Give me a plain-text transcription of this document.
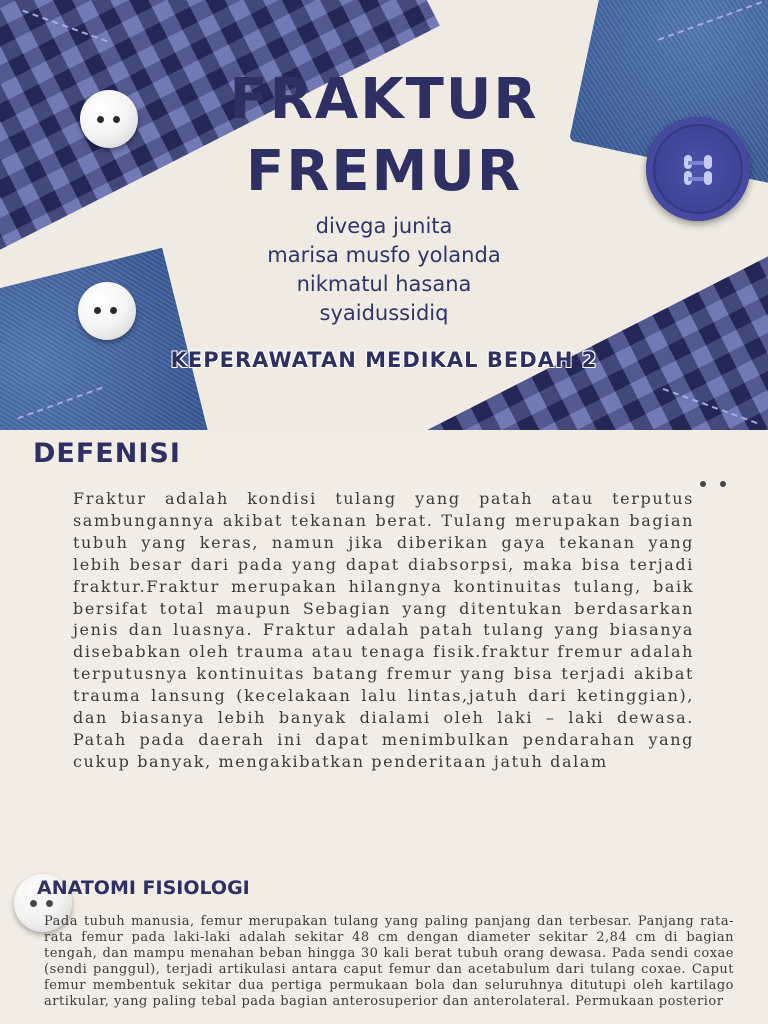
FRAKTUR
FREMUR
divega junita
marisa musfo yolanda
nikmatul hasana
syaidussidiq
KEPERAWATAN MEDIKAL BEDAH 2
DEFENISI

Fraktur adalah kondisi tulang yang patah atau terputus sambungannya akibat tekanan berat. Tulang merupakan bagian tubuh yang keras, namun jika diberikan gaya tekanan yang lebih besar dari pada yang dapat diabsorpsi, maka bisa terjadi fraktur.Fraktur merupakan hilangnya kontinuitas tulang, baik bersifat total maupun Sebagian yang ditentukan berdasarkan jenis dan luasnya. Fraktur adalah patah tulang yang biasanya disebabkan oleh trauma atau tenaga fisik.fraktur fremur adalah terputusnya kontinuitas batang fremur yang bisa terjadi akibat trauma lansung (kecelakaan lalu lintas,jatuh dari ketinggian), dan biasanya lebih banyak dialami oleh laki – laki dewasa. Patah pada daerah ini dapat menimbulkan pendarahan yang cukup banyak, mengakibatkan penderitaan jatuh dalam

ANATOMI FISIOLOGI

Pada tubuh manusia, femur merupakan tulang yang paling panjang dan terbesar. Panjang rata-rata femur pada laki-laki adalah sekitar 48 cm dengan diameter sekitar 2,84 cm di bagian tengah, dan mampu menahan beban hingga 30 kali berat tubuh orang dewasa. Pada sendi coxae (sendi panggul), terjadi artikulasi antara caput femur dan acetabulum dari tulang coxae. Caput femur membentuk sekitar dua pertiga permukaan bola dan seluruhnya ditutupi oleh kartilago artikular, yang paling tebal pada bagian anterosuperior dan anterolateral. Permukaan posterior
